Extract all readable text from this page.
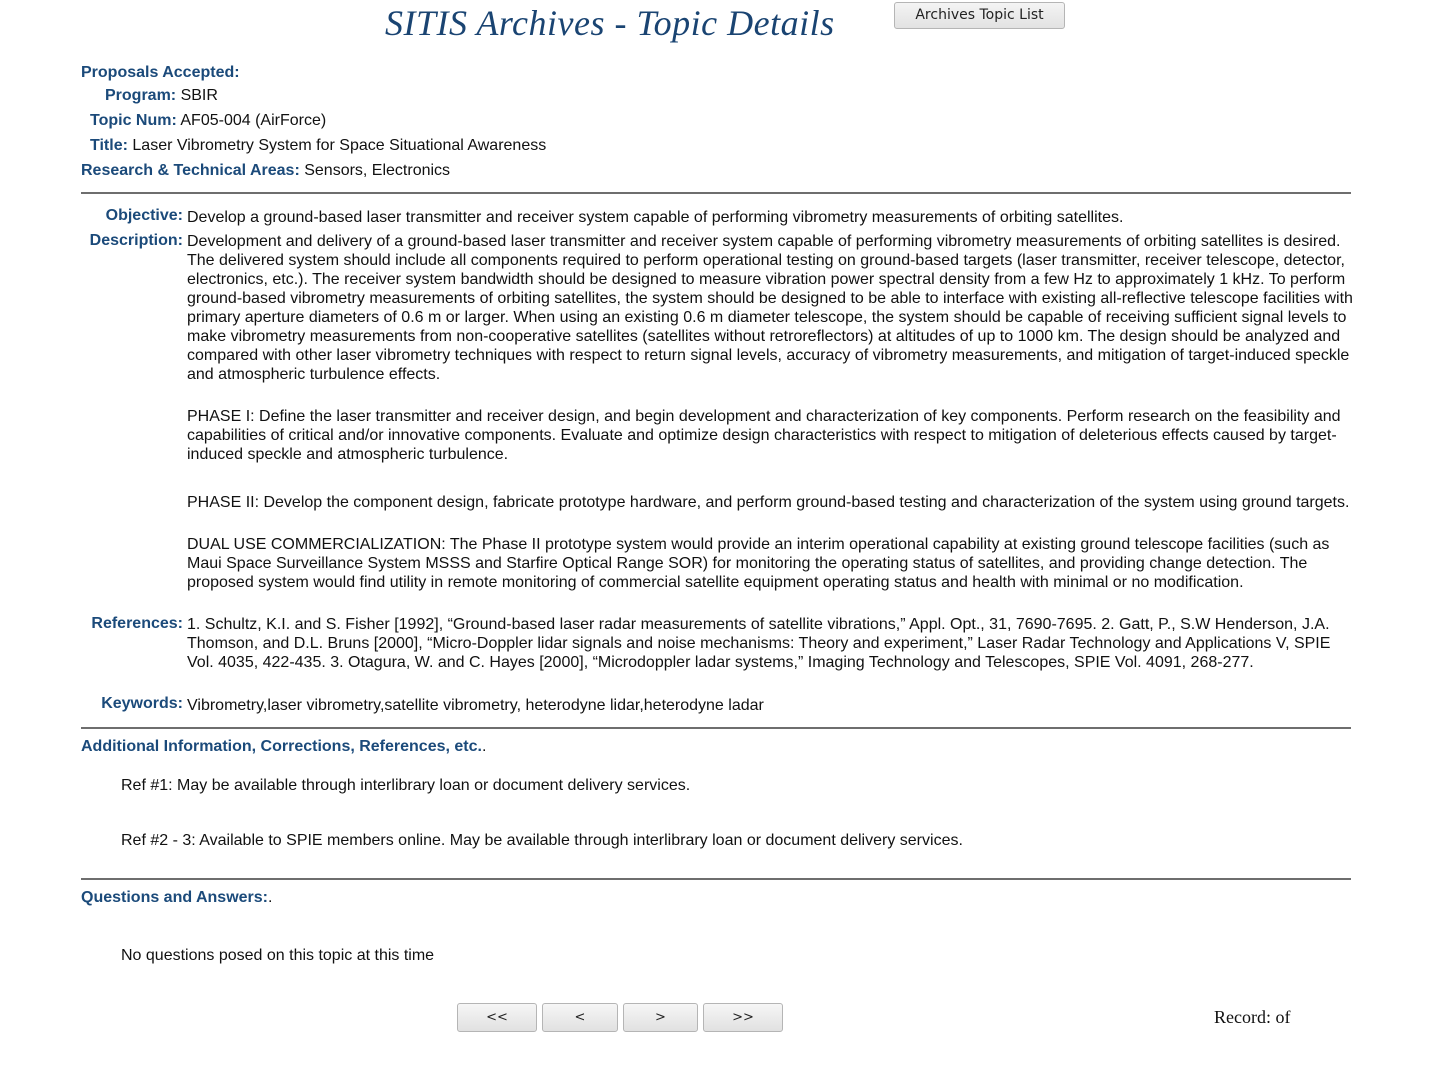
SITIS Archives - Topic Details	Archives Topic List
Proposals Accepted:
Program: SBIR
Topic Num: AF05-004 (AirForce)
Title: Laser Vibrometry System for Space Situational Awareness
Research & Technical Areas: Sensors, Electronics
Objective: Develop a ground-based laser transmitter and receiver system capable of performing vibrometry measurements of orbiting satellites.
Description: Development and delivery of a ground-based laser transmitter and receiver system capable of performing vibrometry measurements of orbiting satellites is desired. The delivered system should include all components required to perform operational testing on ground-based targets (laser transmitter, receiver telescope, detector, electronics, etc.). The receiver system bandwidth should be designed to measure vibration power spectral density from a few Hz to approximately 1 kHz. To perform ground-based vibrometry measurements of orbiting satellites, the system should be designed to be able to interface with existing all-reflective telescope facilities with primary aperture diameters of 0.6 m or larger. When using an existing 0.6 m diameter telescope, the system should be capable of receiving sufficient signal levels to make vibrometry measurements from non-cooperative satellites (satellites without retroreflectors) at altitudes of up to 1000 km. The design should be analyzed and compared with other laser vibrometry techniques with respect to return signal levels, accuracy of vibrometry measurements, and mitigation of target-induced speckle and atmospheric turbulence effects.

PHASE I: Define the laser transmitter and receiver design, and begin development and characterization of key components. Perform research on the feasibility and capabilities of critical and/or innovative components. Evaluate and optimize design characteristics with respect to mitigation of deleterious effects caused by target-induced speckle and atmospheric turbulence.

PHASE II: Develop the component design, fabricate prototype hardware, and perform ground-based testing and characterization of the system using ground targets.

DUAL USE COMMERCIALIZATION: The Phase II prototype system would provide an interim operational capability at existing ground telescope facilities (such as Maui Space Surveillance System MSSS and Starfire Optical Range SOR) for monitoring the operating status of satellites, and providing change detection. The proposed system would find utility in remote monitoring of commercial satellite equipment operating status and health with minimal or no modification.

References: 1. Schultz, K.I. and S. Fisher [1992], “Ground-based laser radar measurements of satellite vibrations,” Appl. Opt., 31, 7690-7695. 2. Gatt, P., S.W Henderson, J.A. Thomson, and D.L. Bruns [2000], “Micro-Doppler lidar signals and noise mechanisms: Theory and experiment,” Laser Radar Technology and Applications V, SPIE Vol. 4035, 422-435. 3. Otagura, W. and C. Hayes [2000], “Microdoppler ladar systems,” Imaging Technology and Telescopes, SPIE Vol. 4091, 268-277.
Keywords: Vibrometry,laser vibrometry,satellite vibrometry, heterodyne lidar,heterodyne ladar
Additional Information, Corrections, References, etc..
Ref #1: May be available through interlibrary loan or document delivery services.
Ref #2 - 3: Available to SPIE members online. May be available through interlibrary loan or document delivery services.
Questions and Answers:.
No questions posed on this topic at this time
<<	<	>	>>	Record: of
